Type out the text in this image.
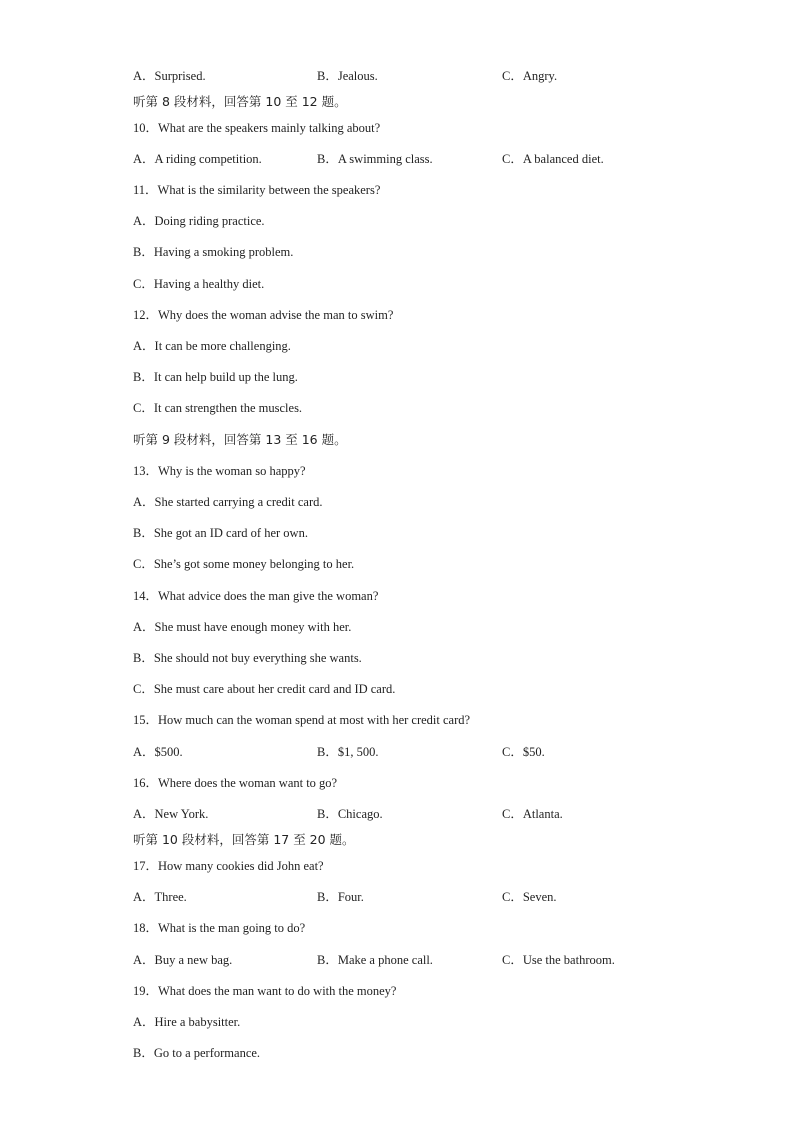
A．Surprised.	B．Jealous.	C．Angry.
听第 8 段材料，回答第 10 至 12 题。
10．What are the speakers mainly talking about?
A．A riding competition.	B．A swimming class.	C．A balanced diet.
11．What is the similarity between the speakers?
A．Doing riding practice.
B．Having a smoking problem.
C．Having a healthy diet.
12．Why does the woman advise the man to swim?
A．It can be more challenging.
B．It can help build up the lung.
C．It can strengthen the muscles.
听第 9 段材料，回答第 13 至 16 题。
13．Why is the woman so happy?
A．She started carrying a credit card.
B．She got an ID card of her own.
C．She’s got some money belonging to her.
14．What advice does the man give the woman?
A．She must have enough money with her.
B．She should not buy everything she wants.
C．She must care about her credit card and ID card.
15．How much can the woman spend at most with her credit card?
A．$500.	B．$1, 500.	C．$50.
16．Where does the woman want to go?
A．New York.	B．Chicago.	C．Atlanta.
听第 10 段材料，回答第 17 至 20 题。
17．How many cookies did John eat?
A．Three.	B．Four.	C．Seven.
18．What is the man going to do?
A．Buy a new bag.	B．Make a phone call.	C．Use the bathroom.
19．What does the man want to do with the money?
A．Hire a babysitter.
B．Go to a performance.
